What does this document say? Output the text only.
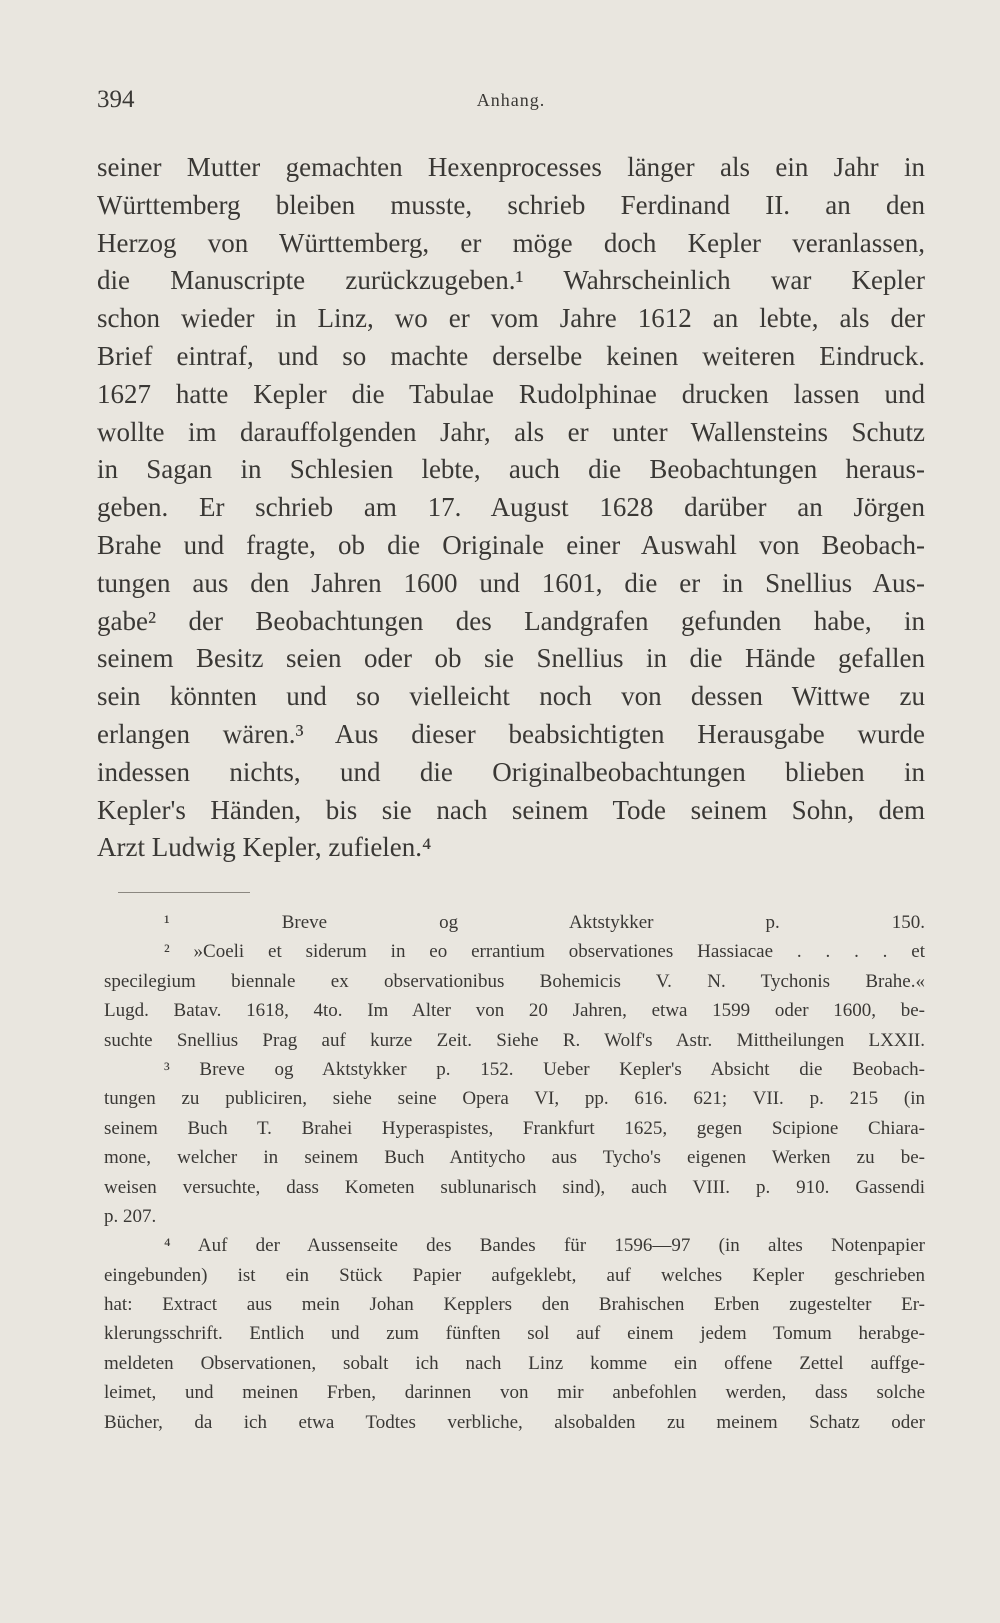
394	Anhang.
seiner Mutter gemachten Hexenprocesses länger als ein Jahr in
Württemberg bleiben musste, schrieb Ferdinand II. an den
Herzog von Württemberg, er möge doch Kepler veranlassen,
die Manuscripte zurückzugeben.¹ Wahrscheinlich war Kepler
schon wieder in Linz, wo er vom Jahre 1612 an lebte, als der
Brief eintraf, und so machte derselbe keinen weiteren Eindruck.
1627 hatte Kepler die Tabulae Rudolphinae drucken lassen und
wollte im darauffolgenden Jahr, als er unter Wallensteins Schutz
in Sagan in Schlesien lebte, auch die Beobachtungen heraus-
geben. Er schrieb am 17. August 1628 darüber an Jörgen
Brahe und fragte, ob die Originale einer Auswahl von Beobach-
tungen aus den Jahren 1600 und 1601, die er in Snellius Aus-
gabe² der Beobachtungen des Landgrafen gefunden habe, in
seinem Besitz seien oder ob sie Snellius in die Hände gefallen
sein könnten und so vielleicht noch von dessen Wittwe zu
erlangen wären.³ Aus dieser beabsichtigten Herausgabe wurde
indessen nichts, und die Originalbeobachtungen blieben in
Kepler's Händen, bis sie nach seinem Tode seinem Sohn, dem
Arzt Ludwig Kepler, zufielen.⁴
¹ Breve og Aktstykker p. 150.
² »Coeli et siderum in eo errantium observationes Hassiacae . . . . et
specilegium biennale ex observationibus Bohemicis V. N. Tychonis Brahe.«
Lugd. Batav. 1618, 4to. Im Alter von 20 Jahren, etwa 1599 oder 1600, be-
suchte Snellius Prag auf kurze Zeit. Siehe R. Wolf's Astr. Mittheilungen LXXII.
³ Breve og Aktstykker p. 152. Ueber Kepler's Absicht die Beobach-
tungen zu publiciren, siehe seine Opera VI, pp. 616. 621; VII. p. 215 (in
seinem Buch T. Brahei Hyperaspistes, Frankfurt 1625, gegen Scipione Chiara-
mone, welcher in seinem Buch Antitycho aus Tycho's eigenen Werken zu be-
weisen versuchte, dass Kometen sublunarisch sind), auch VIII. p. 910. Gassendi
p. 207.
⁴ Auf der Aussenseite des Bandes für 1596—97 (in altes Notenpapier
eingebunden) ist ein Stück Papier aufgeklebt, auf welches Kepler geschrieben
hat: Extract aus mein Johan Kepplers den Brahischen Erben zugestelter Er-
klerungsschrift. Entlich und zum fünften sol auf einem jedem Tomum herabge-
meldeten Observationen, sobalt ich nach Linz komme ein offene Zettel auffge-
leimet, und meinen Frben, darinnen von mir anbefohlen werden, dass solche
Bücher, da ich etwa Todtes verbliche, alsobalden zu meinem Schatz oder
